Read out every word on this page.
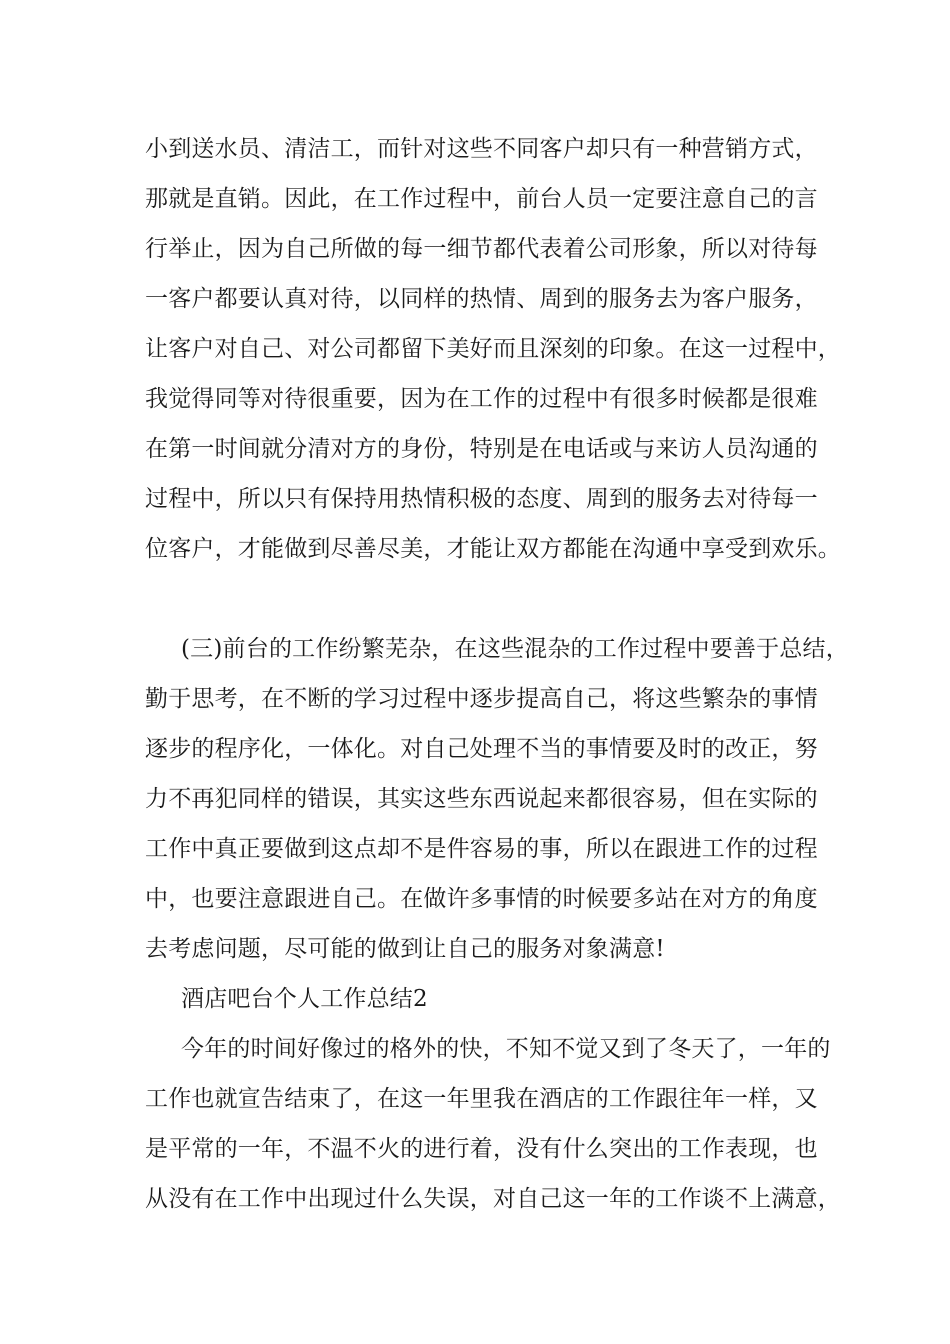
小到送水员、清洁工，而针对这些不同客户却只有一种营销方式，

那就是直销。因此，在工作过程中，前台人员一定要注意自己的言

行举止，因为自己所做的每一细节都代表着公司形象，所以对待每

一客户都要认真对待，以同样的热情、周到的服务去为客户服务，

让客户对自己、对公司都留下美好而且深刻的印象。在这一过程中，

我觉得同等对待很重要，因为在工作的过程中有很多时候都是很难

在第一时间就分清对方的身份，特别是在电话或与来访人员沟通的

过程中，所以只有保持用热情积极的态度、周到的服务去对待每一

位客户，才能做到尽善尽美，才能让双方都能在沟通中享受到欢乐。

(三)前台的工作纷繁芜杂，在这些混杂的工作过程中要善于总结，

勤于思考，在不断的学习过程中逐步提高自己，将这些繁杂的事情

逐步的程序化，一体化。对自己处理不当的事情要及时的改正，努

力不再犯同样的错误，其实这些东西说起来都很容易，但在实际的

工作中真正要做到这点却不是件容易的事，所以在跟进工作的过程

中，也要注意跟进自己。在做许多事情的时候要多站在对方的角度

去考虑问题，尽可能的做到让自己的服务对象满意!

酒店吧台个人工作总结2

今年的时间好像过的格外的快，不知不觉又到了冬天了，一年的

工作也就宣告结束了，在这一年里我在酒店的工作跟往年一样，又

是平常的一年，不温不火的进行着，没有什么突出的工作表现，也

从没有在工作中出现过什么失误，对自己这一年的工作谈不上满意，
